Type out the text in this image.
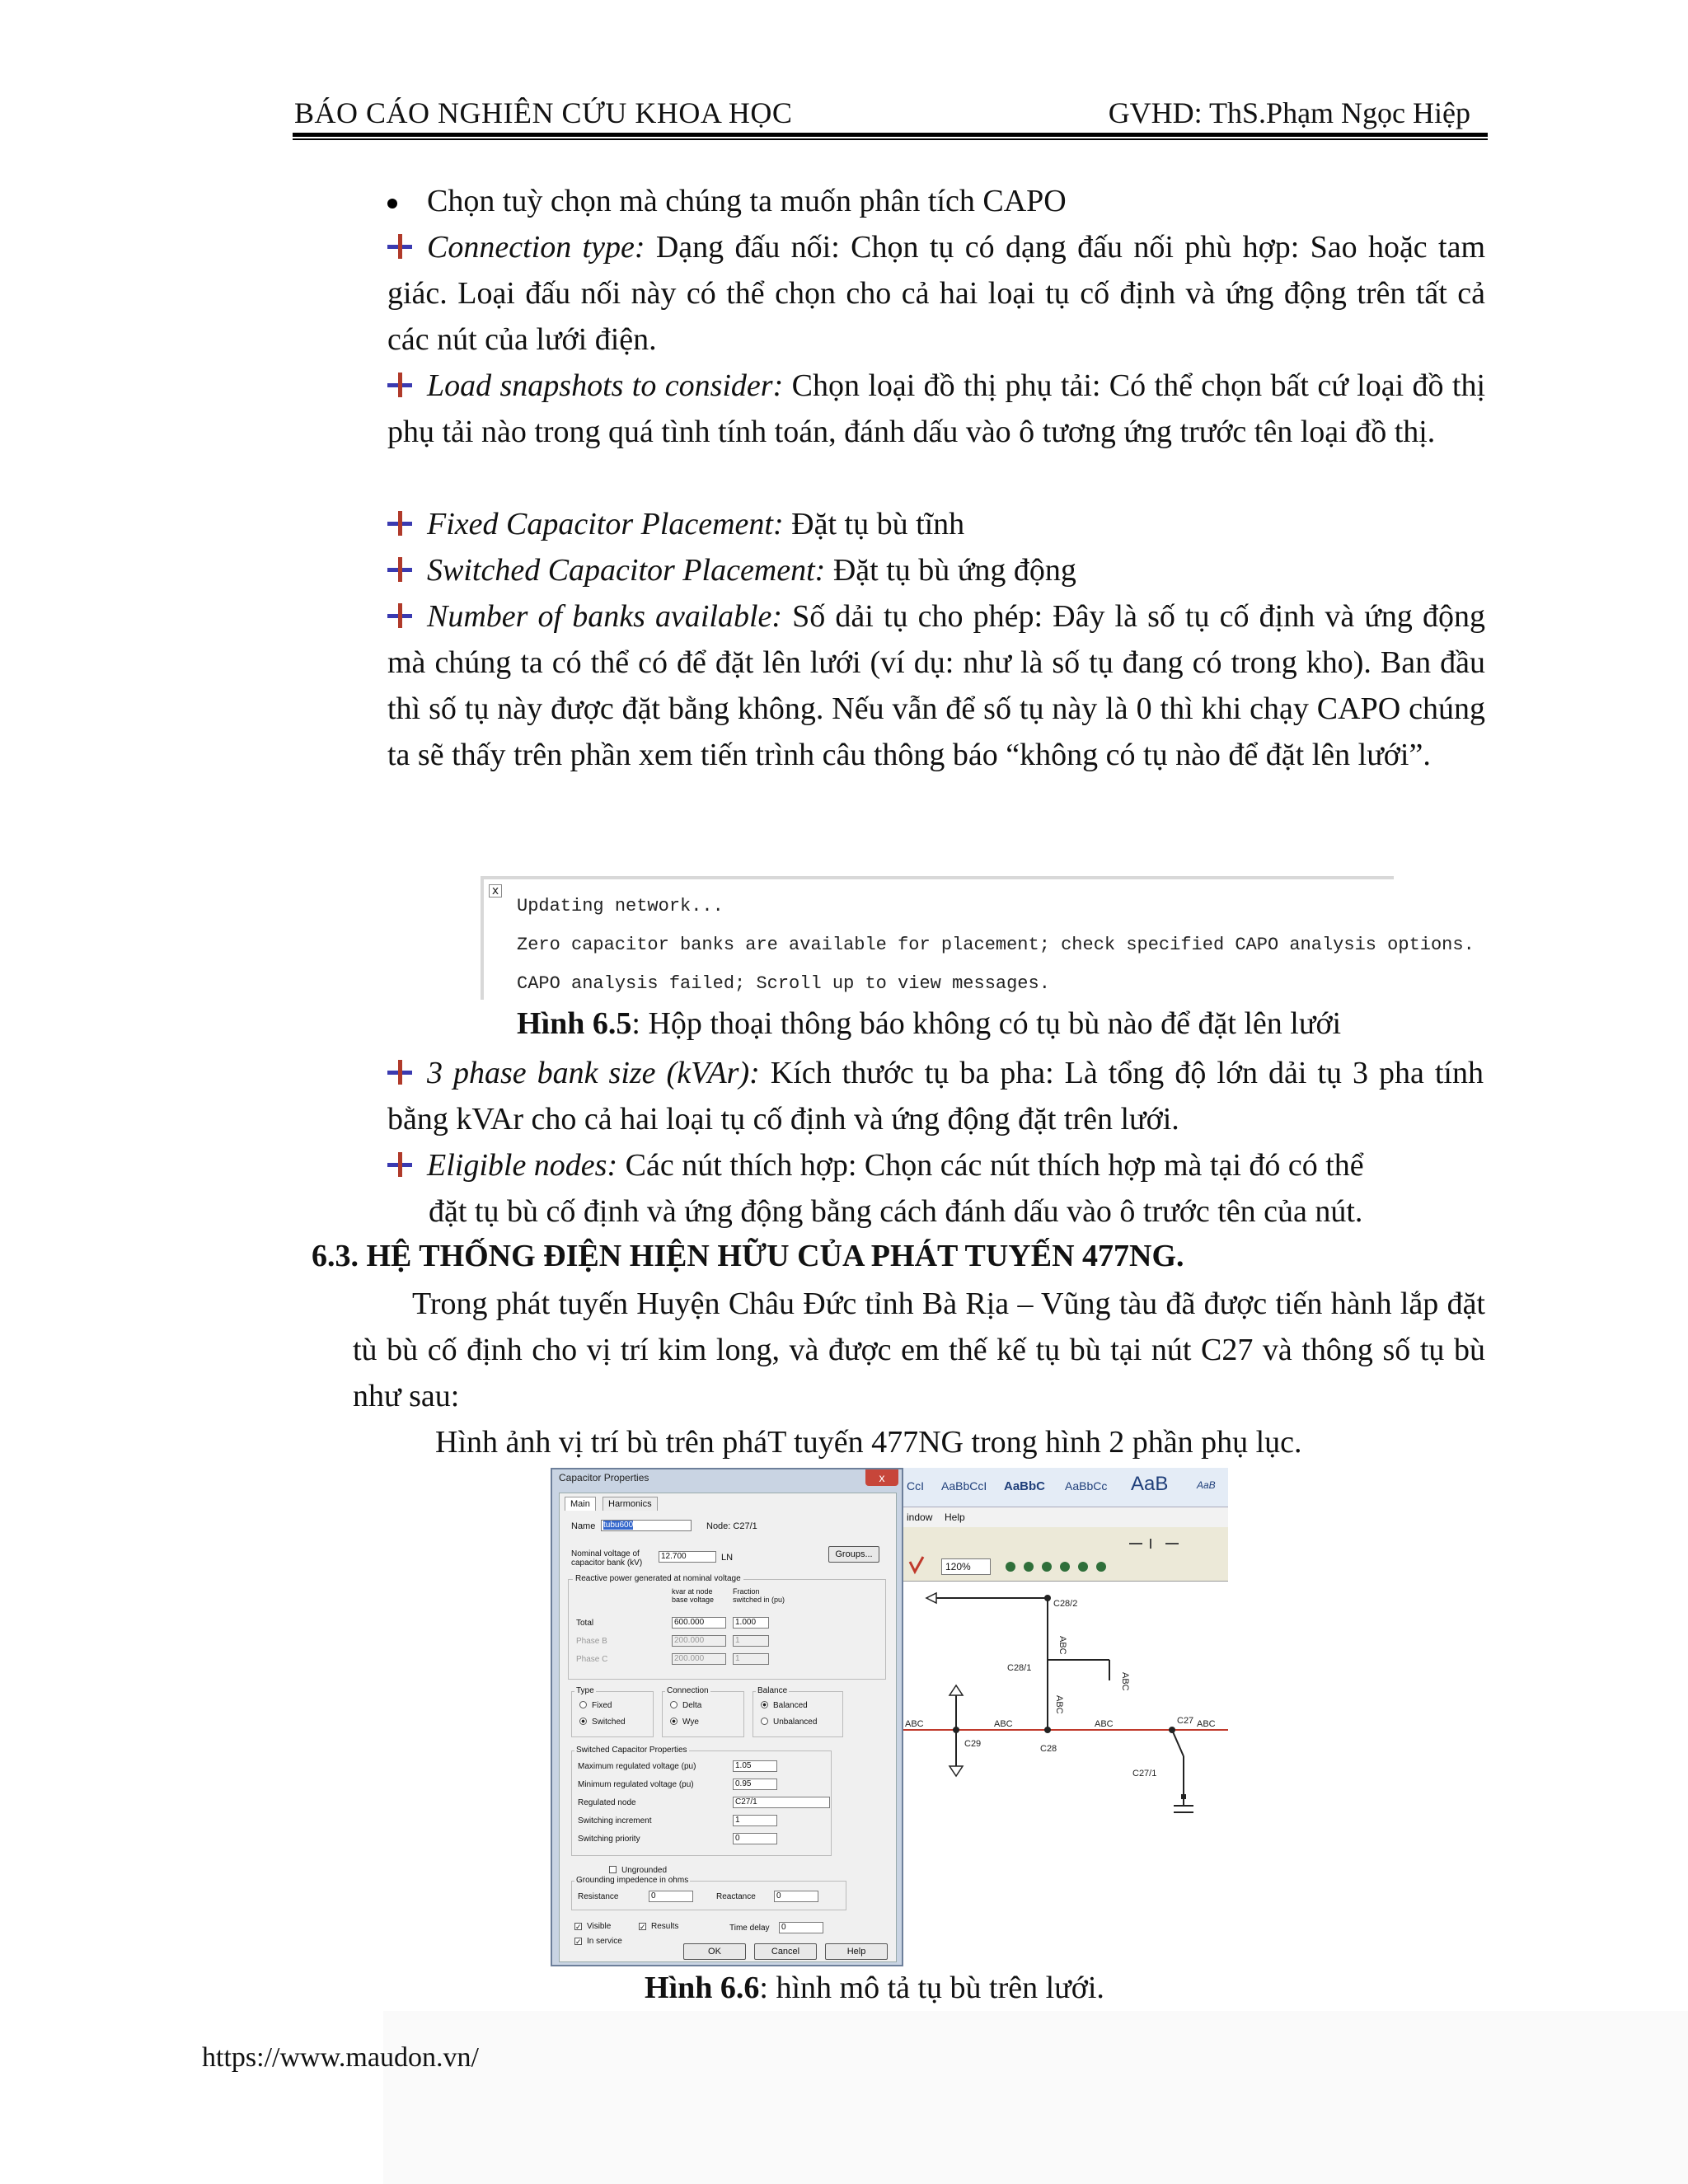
BÁO CÁO NGHIÊN CỨU KHOA HỌC	GVHD: ThS.Phạm Ngọc Hiệp
Chọn tuỳ chọn mà chúng ta muốn phân tích CAPO
Connection type: Dạng đấu nối: Chọn tụ có dạng đấu nối phù hợp: Sao hoặc tam giác. Loại đấu nối này có thể chọn cho cả hai loại tụ cố định và ứng động trên tất cả các nút của lưới điện.
Load snapshots to consider: Chọn loại đồ thị phụ tải: Có thể chọn bất cứ loại đồ thị phụ tải nào trong quá tình tính toán, đánh dấu vào ô tương ứng trước tên loại đồ thị.
Fixed Capacitor Placement: Đặt tụ bù tĩnh
Switched Capacitor Placement: Đặt tụ bù ứng động
Number of banks available: Số dải tụ cho phép: Đây là số tụ cố định và ứng động mà chúng ta có thể có để đặt lên lưới (ví dụ: như là số tụ đang có trong kho). Ban đầu thì số tụ này được đặt bằng không. Nếu vẫn để số tụ này là 0 thì khi chạy CAPO chúng ta sẽ thấy trên phần xem tiến trình câu thông báo “không có tụ nào để đặt lên lưới”.
x
Updating network...
Zero capacitor banks are available for placement; check specified CAPO analysis options.
CAPO analysis failed; Scroll up to view messages.
Hình 6.5: Hộp thoại thông báo không có tụ bù nào để đặt lên lưới
3 phase bank size (kVAr): Kích thước tụ ba pha: Là tổng độ lớn dải tụ 3 pha tính bằng kVAr cho cả hai loại tụ cố định và ứng động đặt trên lưới.
Eligible nodes: Các nút thích hợp: Chọn các nút thích hợp mà tại đó có thể
đặt tụ bù cố định và ứng động bằng cách đánh dấu vào ô trước tên của nút.
6.3. HỆ THỐNG ĐIỆN HIỆN HỮU CỦA PHÁT TUYẾN 477NG.
Trong phát tuyến Huyện Châu Đức tỉnh Bà Rịa – Vũng tàu đã được tiến hành lắp đặt tù bù cố định cho vị trí kim long, và được em thế kế tụ bù tại nút C27 và thông số tụ bù như sau:
Hình ảnh vị trí bù trên pháT tuyến 477NG trong hình 2 phần phụ lục.
Capacitor Properties	x
Main	Harmonics
Name tubu600	Node: C27/1
Nominal voltage of capacitor bank (kV)
12.700	LN	Groups...
Reactive power generated at nominal voltage
kvar at node base voltage
Fraction switched in (pu)
Total	600.000	1.000
Phase B	200.000	1
Phase C	200.000	1
Type
Fixed
Switched
Connection
Delta
Wye
Balance
Balanced
Unbalanced
Switched Capacitor Properties
Maximum regulated voltage (pu)	1.05
Minimum regulated voltage (pu)	0.95
Regulated node	C27/1
Switching increment	1
Switching priority	0
Ungrounded
Grounding impedence in ohms
Resistance	0	Reactance	0
✓ Visible	✓ Results	Time delay	0
✓ In service
OK	Cancel	Help
CcI AaBbCcI AaBbC AaBbCc AaB	AaB
indow Help
120%
C28/2
C28/1
C29	C28
C27
C27/1
ABC	ABC	ABC	ABC
ABC
ABC
ABC
Hình 6.6: hình mô tả tụ bù trên lưới.
https://www.maudon.vn/
